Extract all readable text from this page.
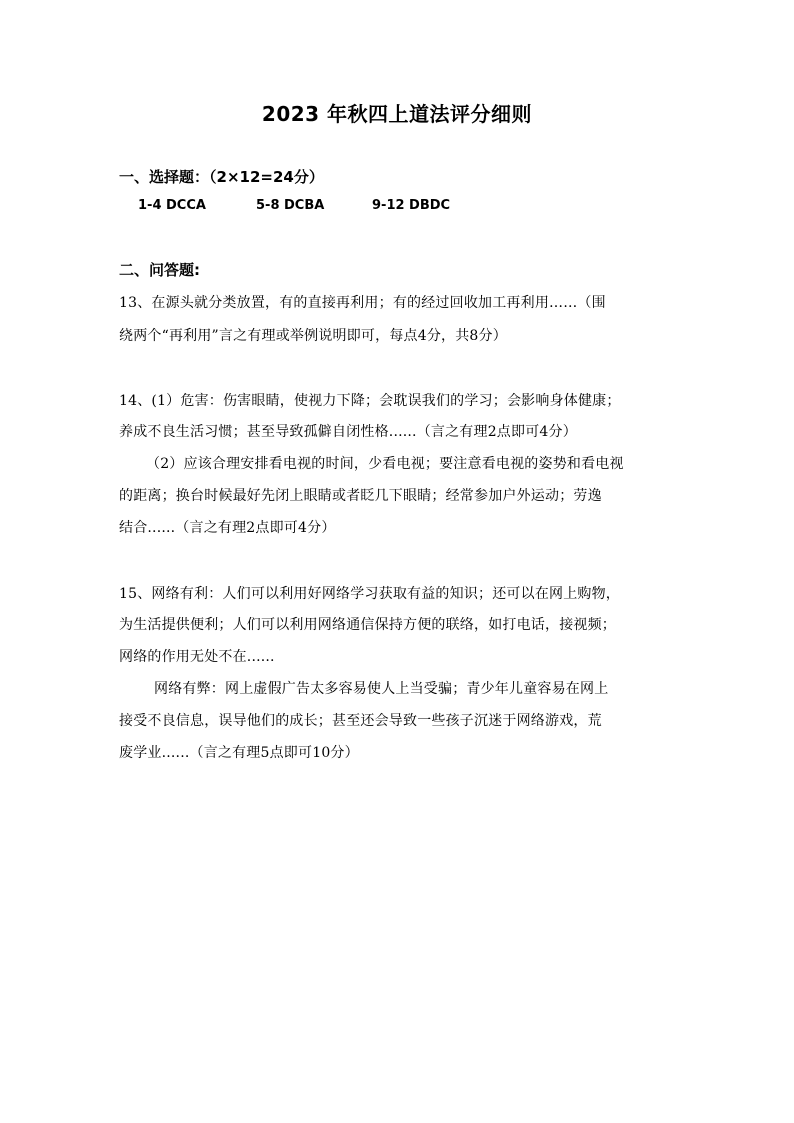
2023 年秋四上道法评分细则
一、选择题：（2×12=24分）
1-4 DCCA	5-8 DCBA	9-12 DBDC
二、问答题:
13、在源头就分类放置，有的直接再利用；有的经过回收加工再利用……（围
绕两个“再利用”言之有理或举例说明即可，每点4分，共8分）
14、(1）危害：伤害眼睛，使视力下降；会耽误我们的学习；会影响身体健康；
养成不良生活习惯；甚至导致孤僻自闭性格......（言之有理2点即可4分）
（2）应该合理安排看电视的时间，少看电视；要注意看电视的姿势和看电视
的距离；换台时候最好先闭上眼睛或者眨几下眼睛；经常参加户外运动；劳逸
结合......（言之有理2点即可4分）
15、网络有利：人们可以利用好网络学习获取有益的知识；还可以在网上购物，
为生活提供便利；人们可以利用网络通信保持方便的联络，如打电话，接视频；
网络的作用无处不在......
网络有弊：网上虚假广告太多容易使人上当受骗；青少年儿童容易在网上
接受不良信息，误导他们的成长；甚至还会导致一些孩子沉迷于网络游戏，荒
废学业......（言之有理5点即可10分）
